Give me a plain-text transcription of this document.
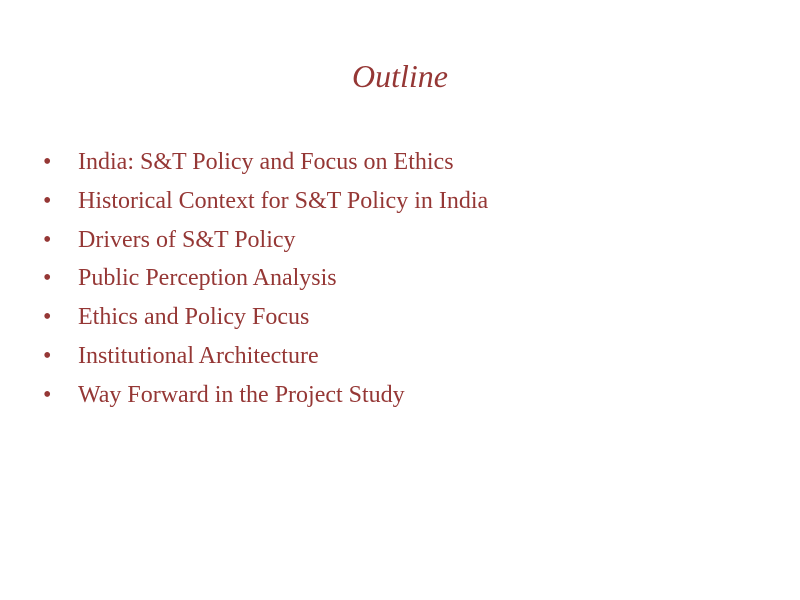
Outline
• India: S&T Policy and Focus on Ethics
• Historical Context for S&T Policy in India
• Drivers of S&T Policy
• Public Perception Analysis
• Ethics and Policy Focus
• Institutional Architecture
• Way Forward in the Project Study
